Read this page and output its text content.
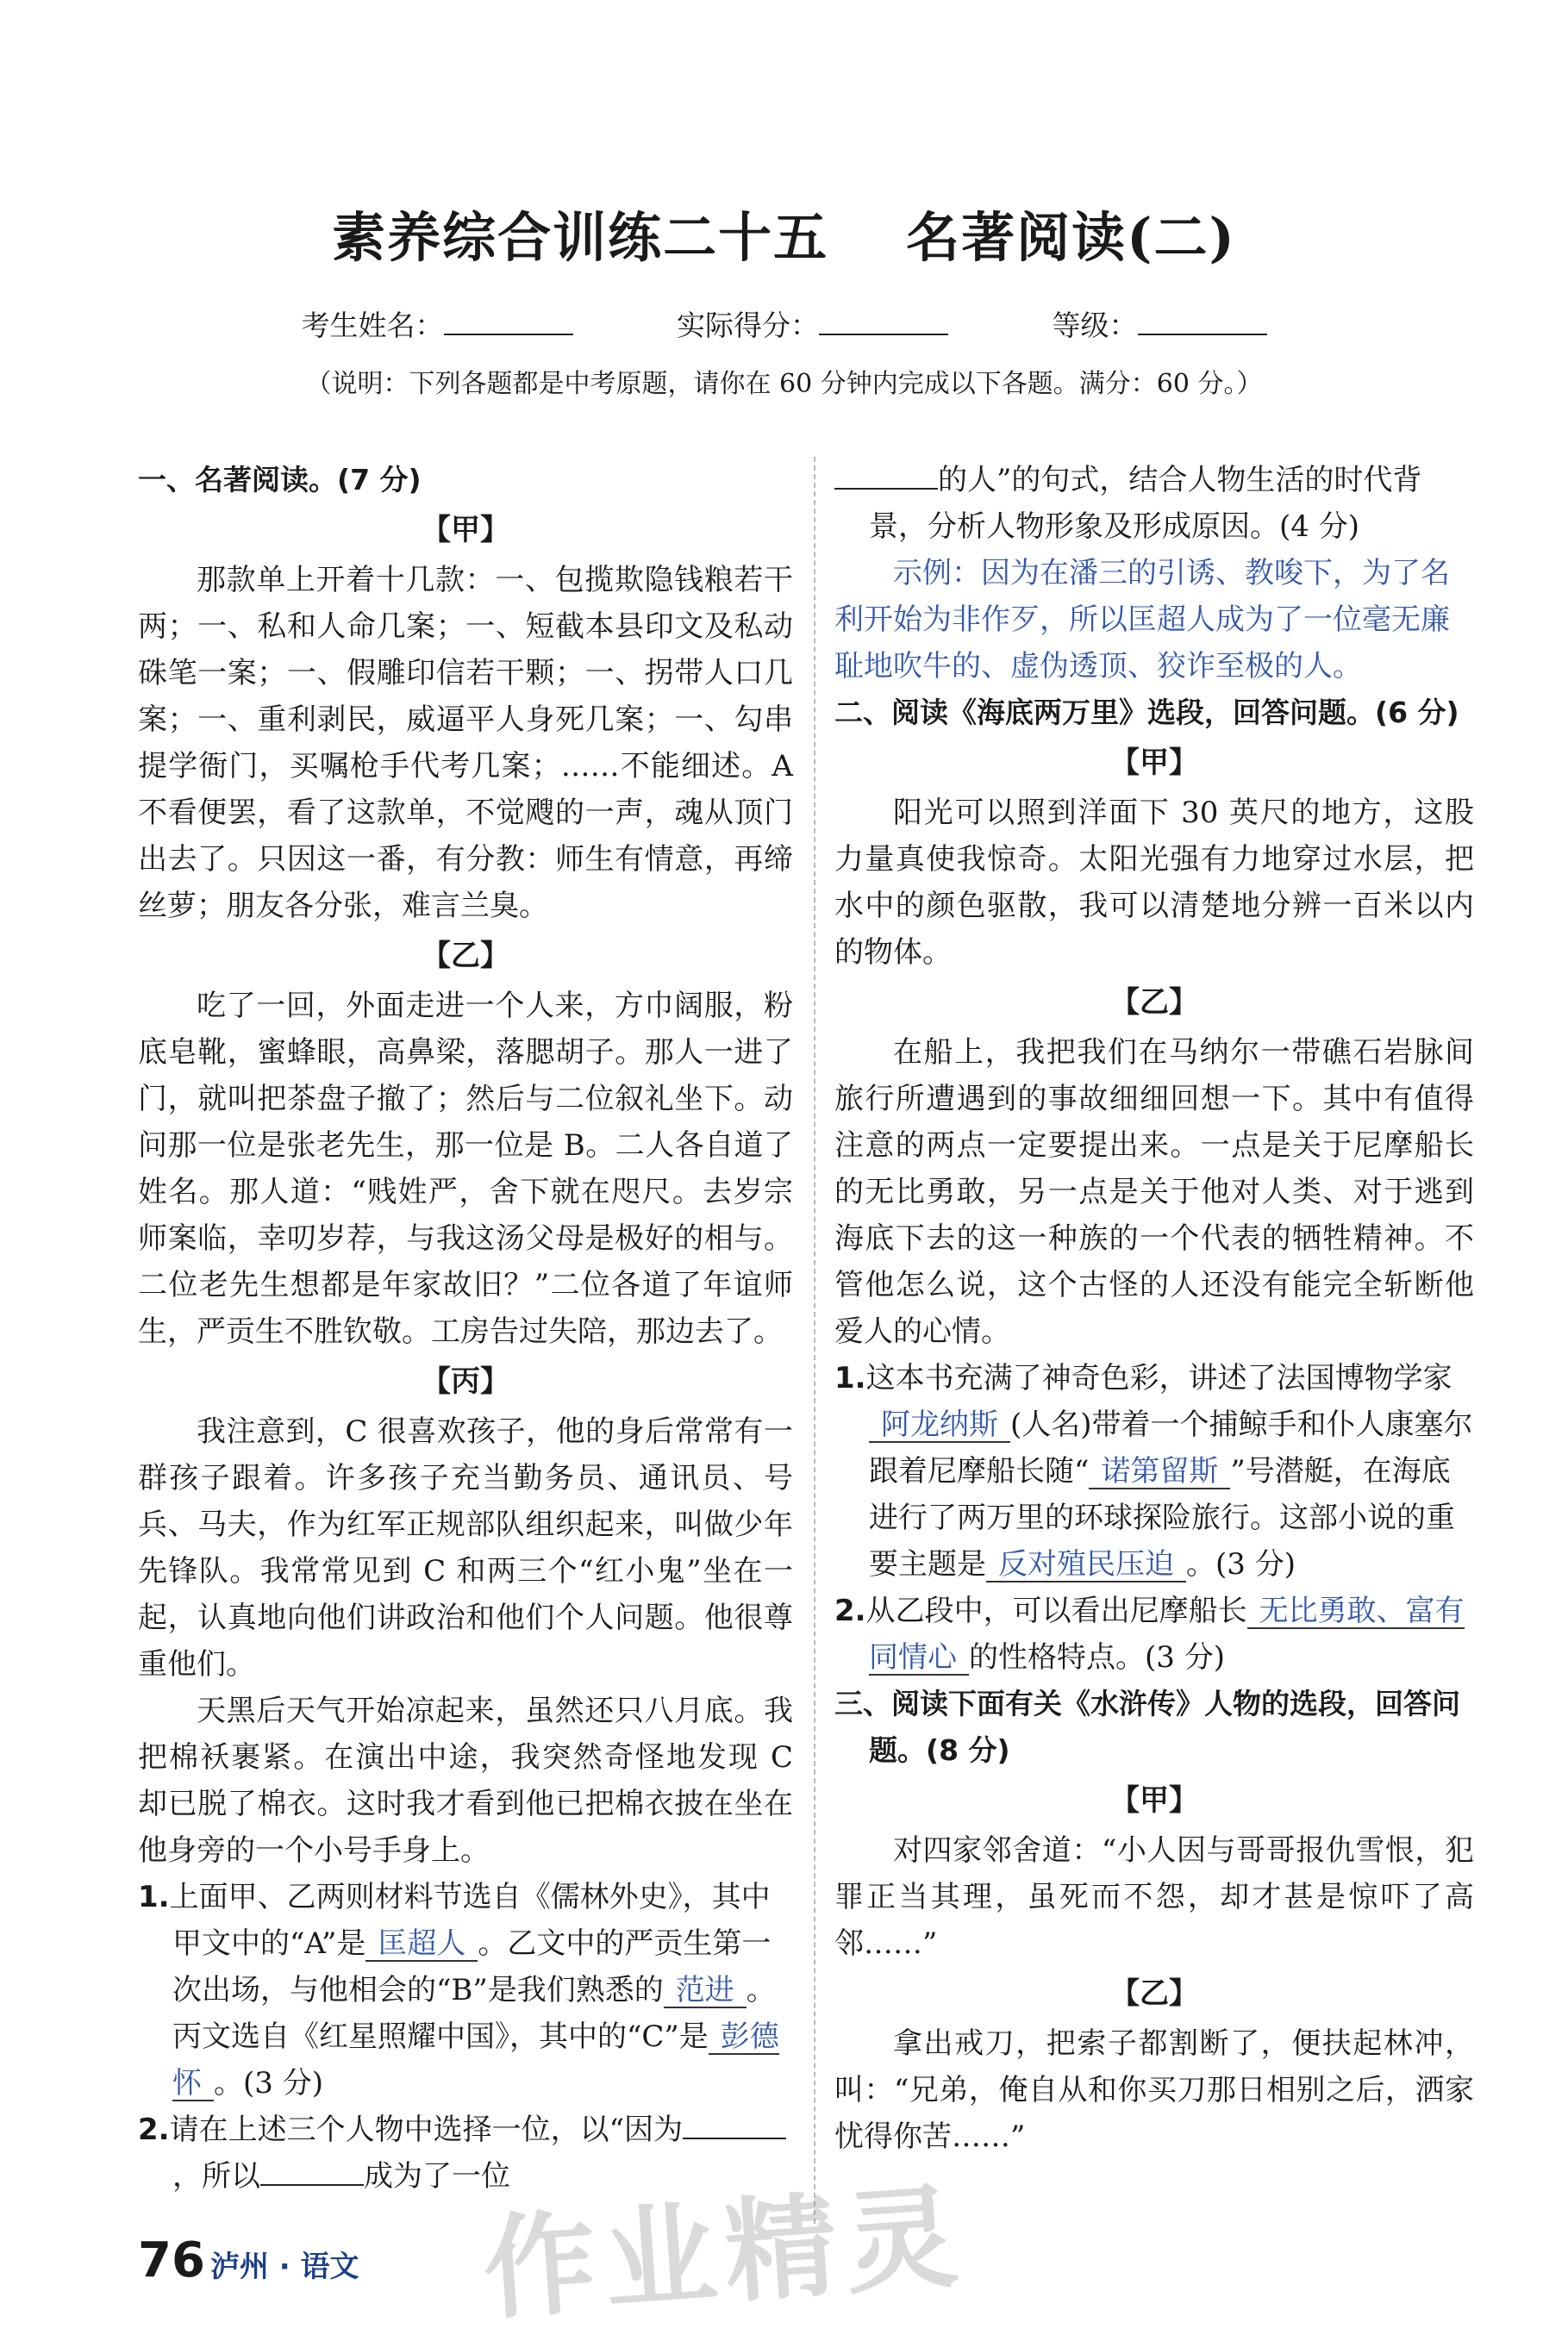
素养综合训练二十五 名著阅读(二)
考生姓名：	实际得分：	等级：
（说明：下列各题都是中考原题，请你在 60 分钟内完成以下各题。满分：60 分。）

一、名著阅读。(7 分)

【甲】

那款单上开着十几款：一、包揽欺隐钱粮若干两；一、私和人命几案；一、短截本县印文及私动硃笔一案；一、假雕印信若干颗；一、拐带人口几案；一、重利剥民，威逼平人身死几案；一、勾串提学衙门，买嘱枪手代考几案；……不能细述。A 不看便罢，看了这款单，不觉飕的一声，魂从顶门出去了。只因这一番，有分教：师生有情意，再缔丝萝；朋友各分张，难言兰臭。

【乙】

吃了一回，外面走进一个人来，方巾阔服，粉底皂靴，蜜蜂眼，高鼻梁，落腮胡子。那人一进了门，就叫把茶盘子撤了；然后与二位叙礼坐下。动问那一位是张老先生，那一位是 B。二人各自道了姓名。那人道：“贱姓严，舍下就在咫尺。去岁宗师案临，幸叨岁荐，与我这汤父母是极好的相与。二位老先生想都是年家故旧？”二位各道了年谊师生，严贡生不胜钦敬。工房告过失陪，那边去了。

【丙】

我注意到，C 很喜欢孩子，他的身后常常有一群孩子跟着。许多孩子充当勤务员、通讯员、号兵、马夫，作为红军正规部队组织起来，叫做少年先锋队。我常常见到 C 和两三个“红小鬼”坐在一起，认真地向他们讲政治和他们个人问题。他很尊重他们。

天黑后天气开始凉起来，虽然还只八月底。我把棉袄裹紧。在演出中途，我突然奇怪地发现 C 却已脱了棉衣。这时我才看到他已把棉衣披在坐在他身旁的一个小号手身上。

1.上面甲、乙两则材料节选自《儒林外史》，其中甲文中的“A”是 匡超人 。乙文中的严贡生第一次出场，与他相会的“B”是我们熟悉的 范进 。丙文选自《红星照耀中国》，其中的“C”是 彭德怀 。(3 分)

2.请在上述三个人物中选择一位，以“因为，所以	成为了一位

的人”的句式，结合人物生活的时代背景，分析人物形象及形成原因。(4 分)

示例：因为在潘三的引诱、教唆下，为了名利开始为非作歹，所以匡超人成为了一位毫无廉耻地吹牛的、虚伪透顶、狡诈至极的人。

二、阅读《海底两万里》选段，回答问题。(6 分)

【甲】

阳光可以照到洋面下 30 英尺的地方，这股力量真使我惊奇。太阳光强有力地穿过水层，把水中的颜色驱散，我可以清楚地分辨一百米以内的物体。

【乙】

在船上，我把我们在马纳尔一带礁石岩脉间旅行所遭遇到的事故细细回想一下。其中有值得注意的两点一定要提出来。一点是关于尼摩船长的无比勇敢，另一点是关于他对人类、对于逃到海底下去的这一种族的一个代表的牺牲精神。不管他怎么说，这个古怪的人还没有能完全斩断他爱人的心情。

1.这本书充满了神奇色彩，讲述了法国博物学家阿龙纳斯 (人名)带着一个捕鲸手和仆人康塞尔跟着尼摩船长随“ 诺第留斯 ”号潜艇，在海底进行了两万里的环球探险旅行。这部小说的重要主题是 反对殖民压迫 。(3 分)

2.从乙段中，可以看出尼摩船长 无比勇敢、富有同情心 的性格特点。(3 分)

三、阅读下面有关《水浒传》人物的选段，回答问题。(8 分)

【甲】

对四家邻舍道：“小人因与哥哥报仇雪恨，犯罪正当其理，虽死而不怨，却才甚是惊吓了高邻……”

【乙】

拿出戒刀，把索子都割断了，便扶起林冲，叫：“兄弟，俺自从和你买刀那日相别之后，洒家忧得你苦……”

76 泸州 · 语文 作业精灵
